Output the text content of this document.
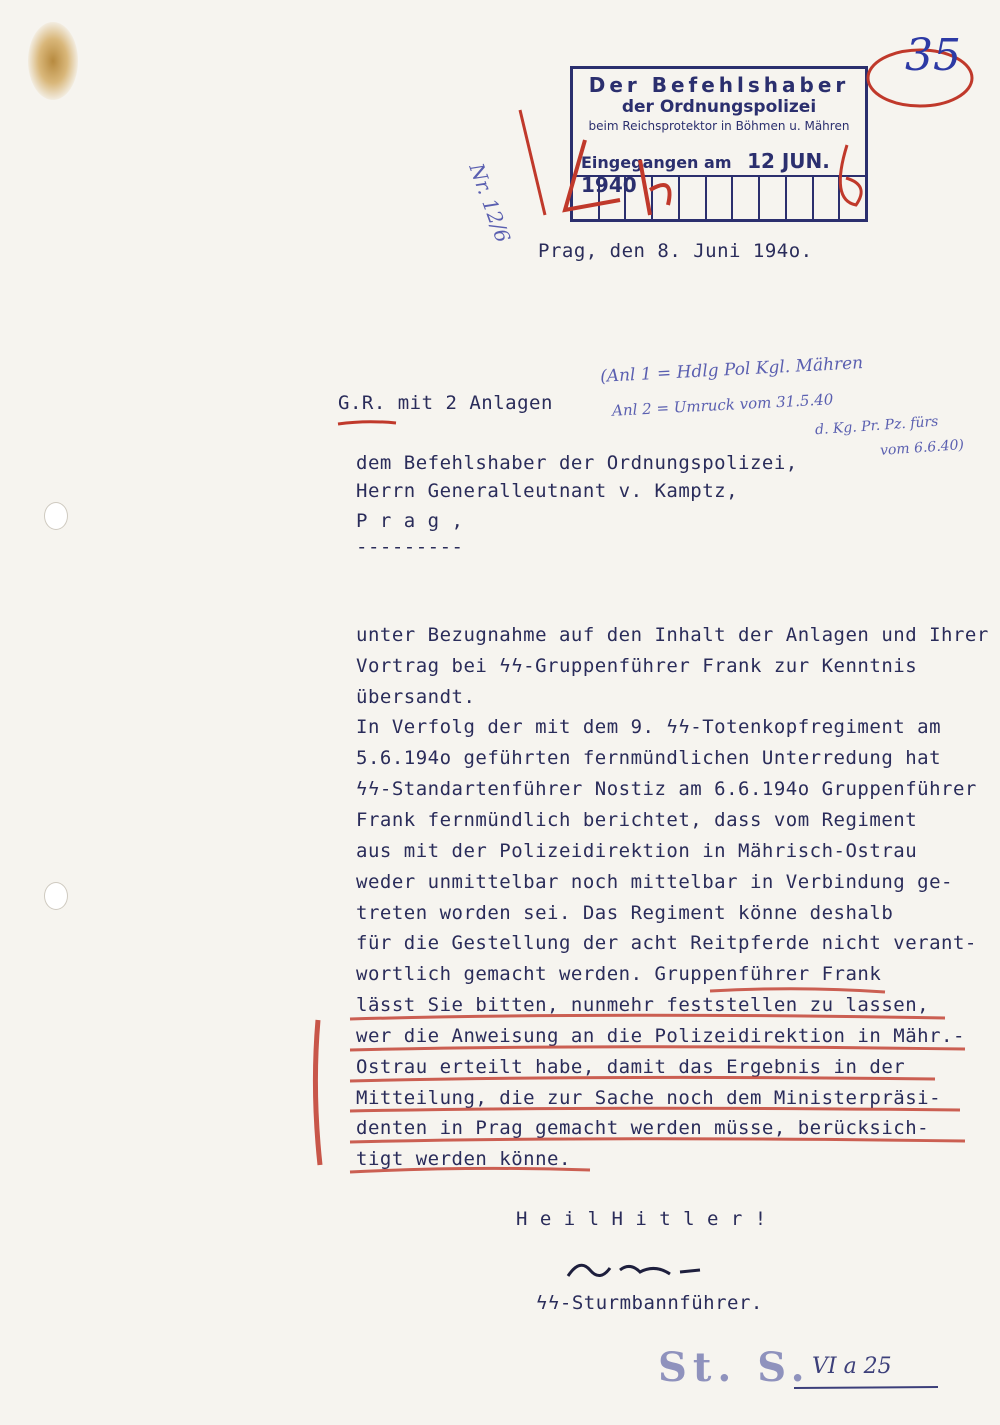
Der Befehlshaber
der Ordnungspolizei
beim Reichsprotektor in Böhmen u. Mähren
Eingegangen am 12 JUN. 1940
35
Nr. 12/6
Prag, den 8. Juni 194o.
G.R. mit 2 Anlagen
(Anl 1 = Hdlg Pol Kgl. Mähren
Anl 2 = Umruck vom 31.5.40
d. Kg. Pr. Pz. fürs
vom 6.6.40)
dem Befehlshaber der Ordnungspolizei,
Herrn Generalleutnant v. Kamptz,
P r a g ,
---------
unter Bezugnahme auf den Inhalt der Anlagen und Ihrer
Vortrag bei ϟϟ-Gruppenführer Frank zur Kenntnis
übersandt.
In Verfolg der mit dem 9. ϟϟ-Totenkopfregiment am
5.6.194o geführten fernmündlichen Unterredung hat
ϟϟ-Standartenführer Nostiz am 6.6.194o Gruppenführer
Frank fernmündlich berichtet, dass vom Regiment
aus mit der Polizeidirektion in Mährisch-Ostrau
weder unmittelbar noch mittelbar in Verbindung ge-
treten worden sei. Das Regiment könne deshalb
für die Gestellung der acht Reitpferde nicht verant-
wortlich gemacht werden. Gruppenführer Frank
lässt Sie bitten, nunmehr feststellen zu lassen,
wer die Anweisung an die Polizeidirektion in Mähr.-
Ostrau erteilt habe, damit das Ergebnis in der
Mitteilung, die zur Sache noch dem Ministerpräsi-
denten in Prag gemacht werden müsse, berücksich-
tigt werden könne.
H e i l H i t l e r !
ϟϟ-Sturmbannführer.
St. S. VI a 25
